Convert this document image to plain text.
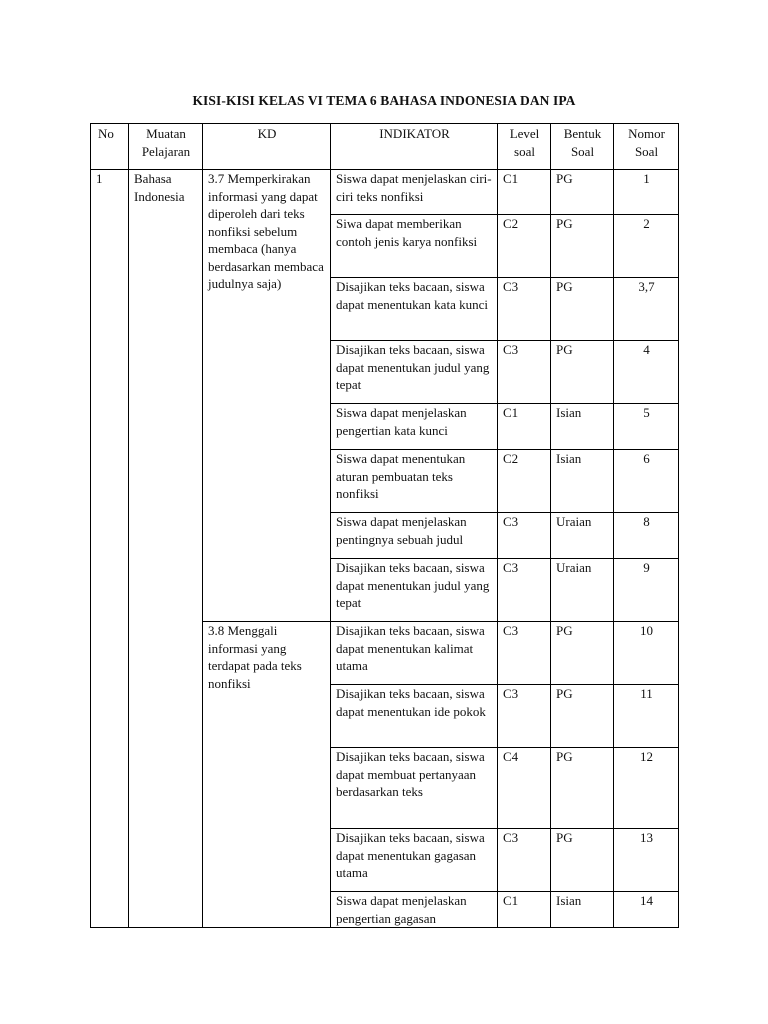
KISI-KISI KELAS VI TEMA 6 BAHASA INDONESIA DAN IPA
No	Muatan Pelajaran	KD	INDIKATOR	Level soal	Bentuk Soal	Nomor Soal
1	Bahasa Indonesia	3.7 Memperkirakan informasi yang dapat diperoleh dari teks nonfiksi sebelum membaca (hanya berdasarkan membaca judulnya saja)	Siswa dapat menjelaskan ciri-ciri teks nonfiksi	C1	PG	1
			Siwa dapat memberikan contoh jenis karya nonfiksi	C2	PG	2
			Disajikan teks bacaan, siswa dapat menentukan kata kunci	C3	PG	3,7
			Disajikan teks bacaan, siswa dapat menentukan judul yang tepat	C3	PG	4
			Siswa dapat menjelaskan pengertian kata kunci	C1	Isian	5
			Siswa dapat menentukan aturan pembuatan teks nonfiksi	C2	Isian	6
			Siswa dapat menjelaskan pentingnya sebuah judul	C3	Uraian	8
			Disajikan teks bacaan, siswa dapat menentukan judul yang tepat	C3	Uraian	9
		3.8 Menggali informasi yang terdapat pada teks nonfiksi	Disajikan teks bacaan, siswa dapat menentukan kalimat utama	C3	PG	10
			Disajikan teks bacaan, siswa dapat menentukan ide pokok	C3	PG	11
			Disajikan teks bacaan, siswa dapat membuat pertanyaan berdasarkan teks	C4	PG	12
			Disajikan teks bacaan, siswa dapat menentukan gagasan utama	C3	PG	13
			Siswa dapat menjelaskan pengertian gagasan	C1	Isian	14
